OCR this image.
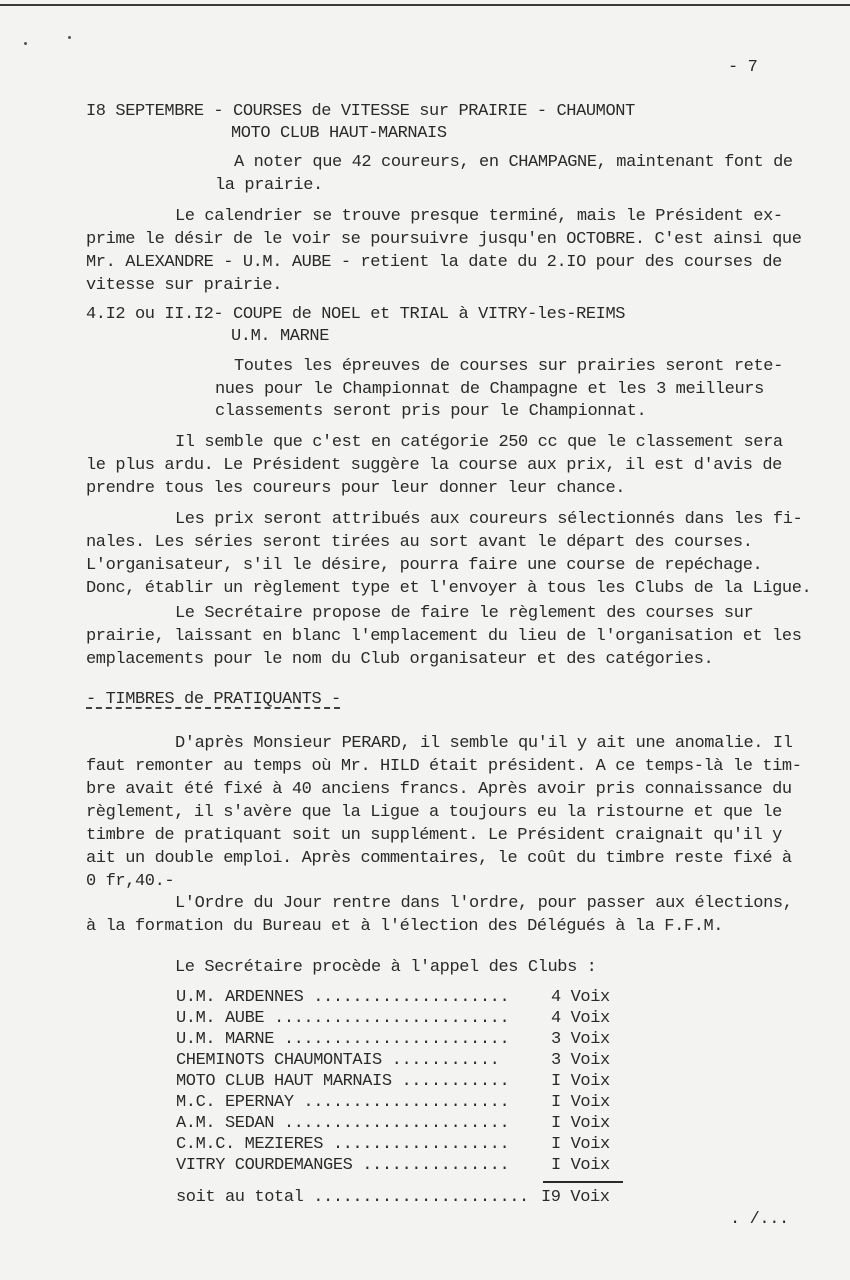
- 7
I8 SEPTEMBRE - COURSES de VITESSE sur PRAIRIE - CHAUMONT
MOTO CLUB HAUT-MARNAIS
A noter que 42 coureurs, en CHAMPAGNE, maintenant font de
la prairie.
Le calendrier se trouve presque terminé, mais le Président ex-
prime le désir de le voir se poursuivre jusqu'en OCTOBRE. C'est ainsi que
Mr. ALEXANDRE - U.M. AUBE - retient la date du 2.IO pour des courses de
vitesse sur prairie.
4.I2 ou II.I2- COUPE de NOEL et TRIAL à VITRY-les-REIMS
U.M. MARNE
Toutes les épreuves de courses sur prairies seront rete-
nues pour le Championnat de Champagne et les 3 meilleurs
classements seront pris pour le Championnat.
Il semble que c'est en catégorie 250 cc que le classement sera
le plus ardu. Le Président suggère la course aux prix, il est d'avis de
prendre tous les coureurs pour leur donner leur chance.
Les prix seront attribués aux coureurs sélectionnés dans les fi-
nales. Les séries seront tirées au sort avant le départ des courses.
L'organisateur, s'il le désire, pourra faire une course de repéchage.
Donc, établir un règlement type et l'envoyer à tous les Clubs de la Ligue.
Le Secrétaire propose de faire le règlement des courses sur
prairie, laissant en blanc l'emplacement du lieu de l'organisation et les
emplacements pour le nom du Club organisateur et des catégories.
- TIMBRES de PRATIQUANTS -
D'après Monsieur PERARD, il semble qu'il y ait une anomalie. Il
faut remonter au temps où Mr. HILD était président. A ce temps-là le tim-
bre avait été fixé à 40 anciens francs. Après avoir pris connaissance du
règlement, il s'avère que la Ligue a toujours eu la ristourne et que le
timbre de pratiquant soit un supplément. Le Président craignait qu'il y
ait un double emploi. Après commentaires, le coût du timbre reste fixé à
0 fr,40.-
L'Ordre du Jour rentre dans l'ordre, pour passer aux élections,
à la formation du Bureau et à l'élection des Délégués à la F.F.M.
Le Secrétaire procède à l'appel des Clubs :
U.M. ARDENNES .................... 4 Voix
U.M. AUBE ........................ 4 Voix
U.M. MARNE ....................... 3 Voix
CHEMINOTS CHAUMONTAIS ...........	3 Voix
MOTO CLUB HAUT MARNAIS ........... I Voix
M.C. EPERNAY ..................... I Voix
A.M. SEDAN ....................... I Voix
C.M.C. MEZIERES .................. I Voix
VITRY COURDEMANGES ............... I Voix
soit au total ...................... I9 Voix
. /...
